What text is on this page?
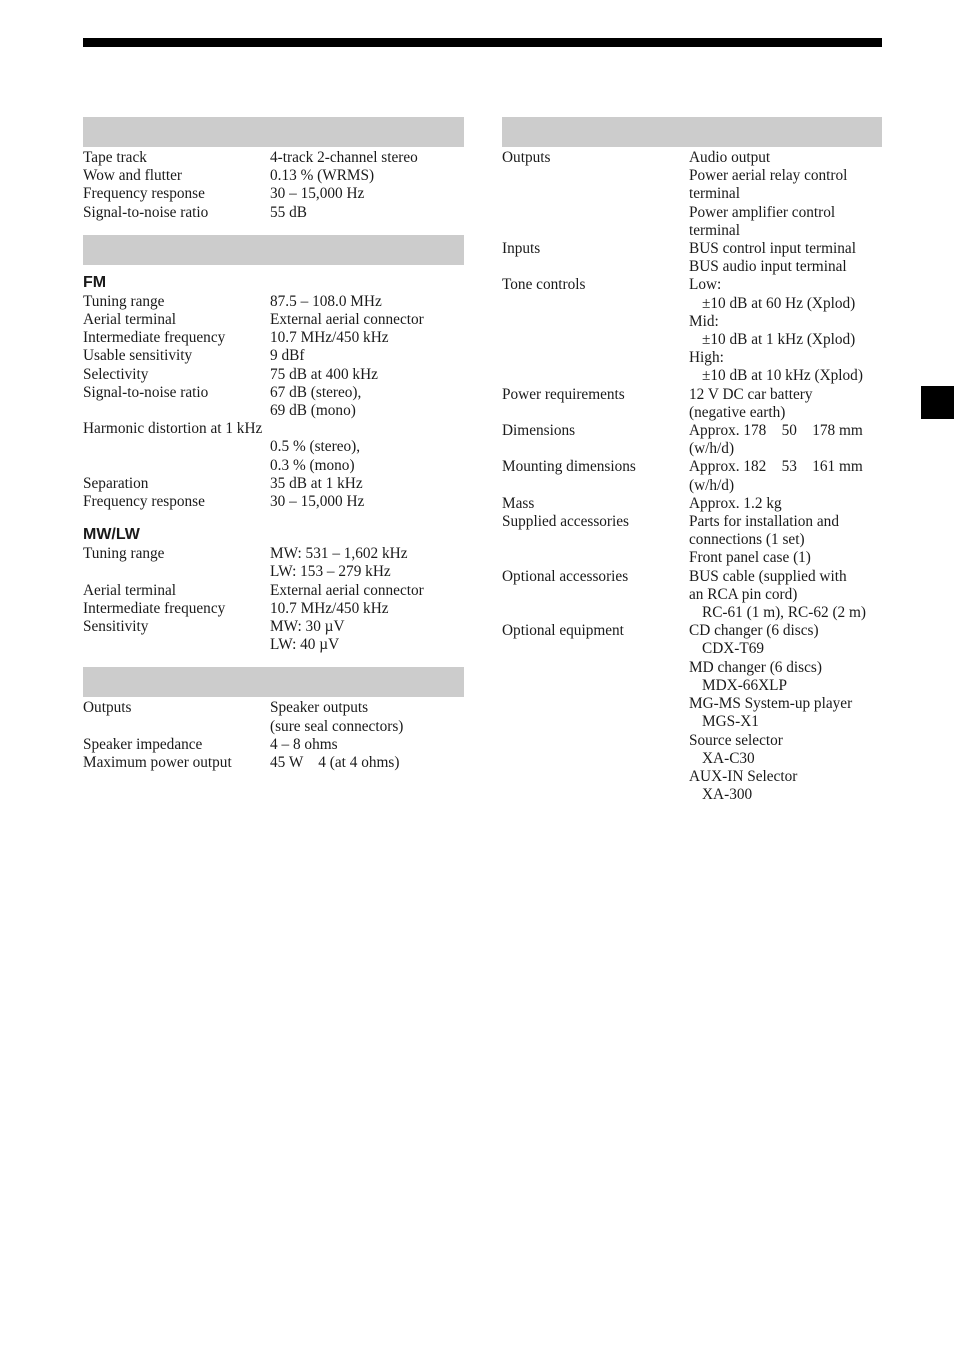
Tape track	4-track 2-channel stereo
Wow and flutter	0.13 % (WRMS)
Frequency response	30 – 15,000 Hz
Signal-to-noise ratio	55 dB
FM
Tuning range	87.5 – 108.0 MHz
Aerial terminal	External aerial connector
Intermediate frequency	10.7 MHz/450 kHz
Usable sensitivity	9 dBf
Selectivity	75 dB at 400 kHz
Signal-to-noise ratio	67 dB (stereo),
69 dB (mono)
Harmonic distortion at 1 kHz
0.5 % (stereo),
0.3 % (mono)
Separation	35 dB at 1 kHz
Frequency response	30 – 15,000 Hz
MW/LW
Tuning range	MW: 531 – 1,602 kHz
LW: 153 – 279 kHz
Aerial terminal	External aerial connector
Intermediate frequency	10.7 MHz/450 kHz
Sensitivity	MW: 30 µV
LW: 40 µV
Outputs	Speaker outputs
(sure seal connectors)
Speaker impedance	4 – 8 ohms
Maximum power output	45 W    4 (at 4 ohms)
Outputs	Audio output
Power aerial relay control
terminal
Power amplifier control
terminal
Inputs	BUS control input terminal
BUS audio input terminal
Tone controls	Low:
±10 dB at 60 Hz (Xplod)
Mid:
±10 dB at 1 kHz (Xplod)
High:
±10 dB at 10 kHz (Xplod)
Power requirements	12 V DC car battery
(negative earth)
Dimensions	Approx. 178    50    178 mm
(w/h/d)
Mounting dimensions	Approx. 182    53    161 mm
(w/h/d)
Mass	Approx. 1.2 kg
Supplied accessories	Parts for installation and
connections (1 set)
Front panel case (1)
Optional accessories	BUS cable (supplied with
an RCA pin cord)
RC-61 (1 m), RC-62 (2 m)
Optional equipment	CD changer (6 discs)
CDX-T69
MD changer (6 discs)
MDX-66XLP
MG-MS System-up player
MGS-X1
Source selector
XA-C30
AUX-IN Selector
XA-300
